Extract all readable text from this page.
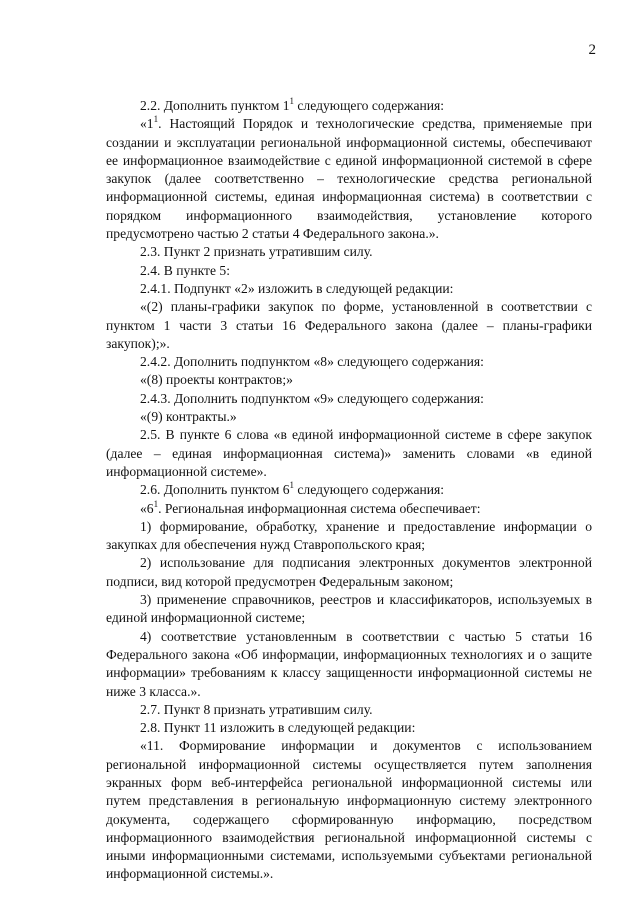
2

2.2. Дополнить пунктом $1^1$ следующего содержания:

«$1^1$. Настоящий Порядок и технологические средства, применяемые при создании и эксплуатации региональной информационной системы, обеспечивают ее информационное взаимодействие с единой информационной системой в сфере закупок (далее соответственно – технологические средства региональной информационной системы, единая информационная система) в соответствии с порядком информационного взаимодействия, установление которого предусмотрено частью 2 статьи 4 Федерального закона.».

2.3. Пункт 2 признать утратившим силу.

2.4. В пункте 5:

2.4.1. Подпункт «2» изложить в следующей редакции:

«(2) планы-графики закупок по форме, установленной в соответствии с пунктом 1 части 3 статьи 16 Федерального закона (далее – планы-графики закупок);».

2.4.2. Дополнить подпунктом «8» следующего содержания:

«(8) проекты контрактов;»

2.4.3. Дополнить подпунктом «9» следующего содержания:

«(9) контракты.»

2.5. В пункте 6 слова «в единой информационной системе в сфере закупок (далее – единая информационная система)» заменить словами «в единой информационной системе».

2.6. Дополнить пунктом $6^1$ следующего содержания:

«$6^1$. Региональная информационная система обеспечивает:

1) формирование, обработку, хранение и предоставление информации о закупках для обеспечения нужд Ставропольского края;

2) использование для подписания электронных документов электронной подписи, вид которой предусмотрен Федеральным законом;

3) применение справочников, реестров и классификаторов, используемых в единой информационной системе;

4) соответствие установленным в соответствии с частью 5 статьи 16 Федерального закона «Об информации, информационных технологиях и о защите информации» требованиям к классу защищенности информационной системы не ниже 3 класса.».

2.7. Пункт 8 признать утратившим силу.

2.8. Пункт 11 изложить в следующей редакции:

«11. Формирование информации и документов с использованием региональной информационной системы осуществляется путем заполнения экранных форм веб-интерфейса региональной информационной системы или путем представления в региональную информационную систему электронного документа, содержащего сформированную информацию, посредством информационного взаимодействия региональной информационной системы с иными информационными системами, используемыми субъектами региональной информационной системы.».
